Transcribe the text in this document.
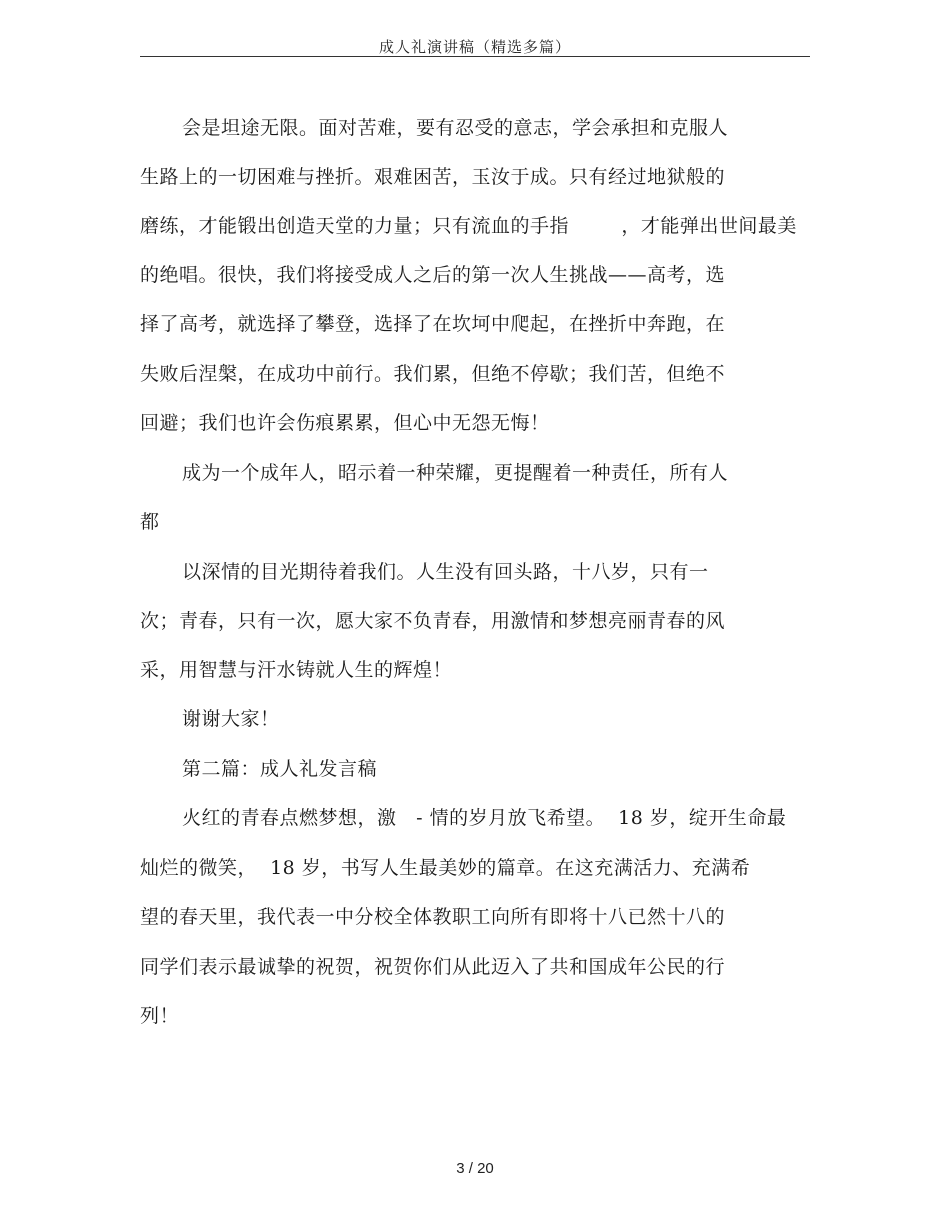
成人礼演讲稿（精选多篇）
会是坦途无限。面对苦难，要有忍受的意志，学会承担和克服人
生路上的一切困难与挫折。艰难困苦，玉汝于成。只有经过地狱般的
磨练，才能锻出创造天堂的力量；只有流血的手指        ，才能弹出世间最美
的绝唱。很快，我们将接受成人之后的第一次人生挑战——高考，选
择了高考，就选择了攀登，选择了在坎坷中爬起，在挫折中奔跑，在
失败后涅槃，在成功中前行。我们累，但绝不停歇；我们苦，但绝不
回避；我们也许会伤痕累累，但心中无怨无悔！
成为一个成年人，昭示着一种荣耀，更提醒着一种责任，所有人
都
以深情的目光期待着我们。人生没有回头路，十八岁，只有一
次；青春，只有一次，愿大家不负青春，用激情和梦想亮丽青春的风
采，用智慧与汗水铸就人生的辉煌！
谢谢大家！
第二篇：成人礼发言稿
火红的青春点燃梦想，激   - 情的岁月放飞希望。  18 岁，绽开生命最
灿烂的微笑，  18 岁，书写人生最美妙的篇章。在这充满活力、充满希
望的春天里，我代表一中分校全体教职工向所有即将十八已然十八的
同学们表示最诚挚的祝贺，祝贺你们从此迈入了共和国成年公民的行
列！
3 / 20
